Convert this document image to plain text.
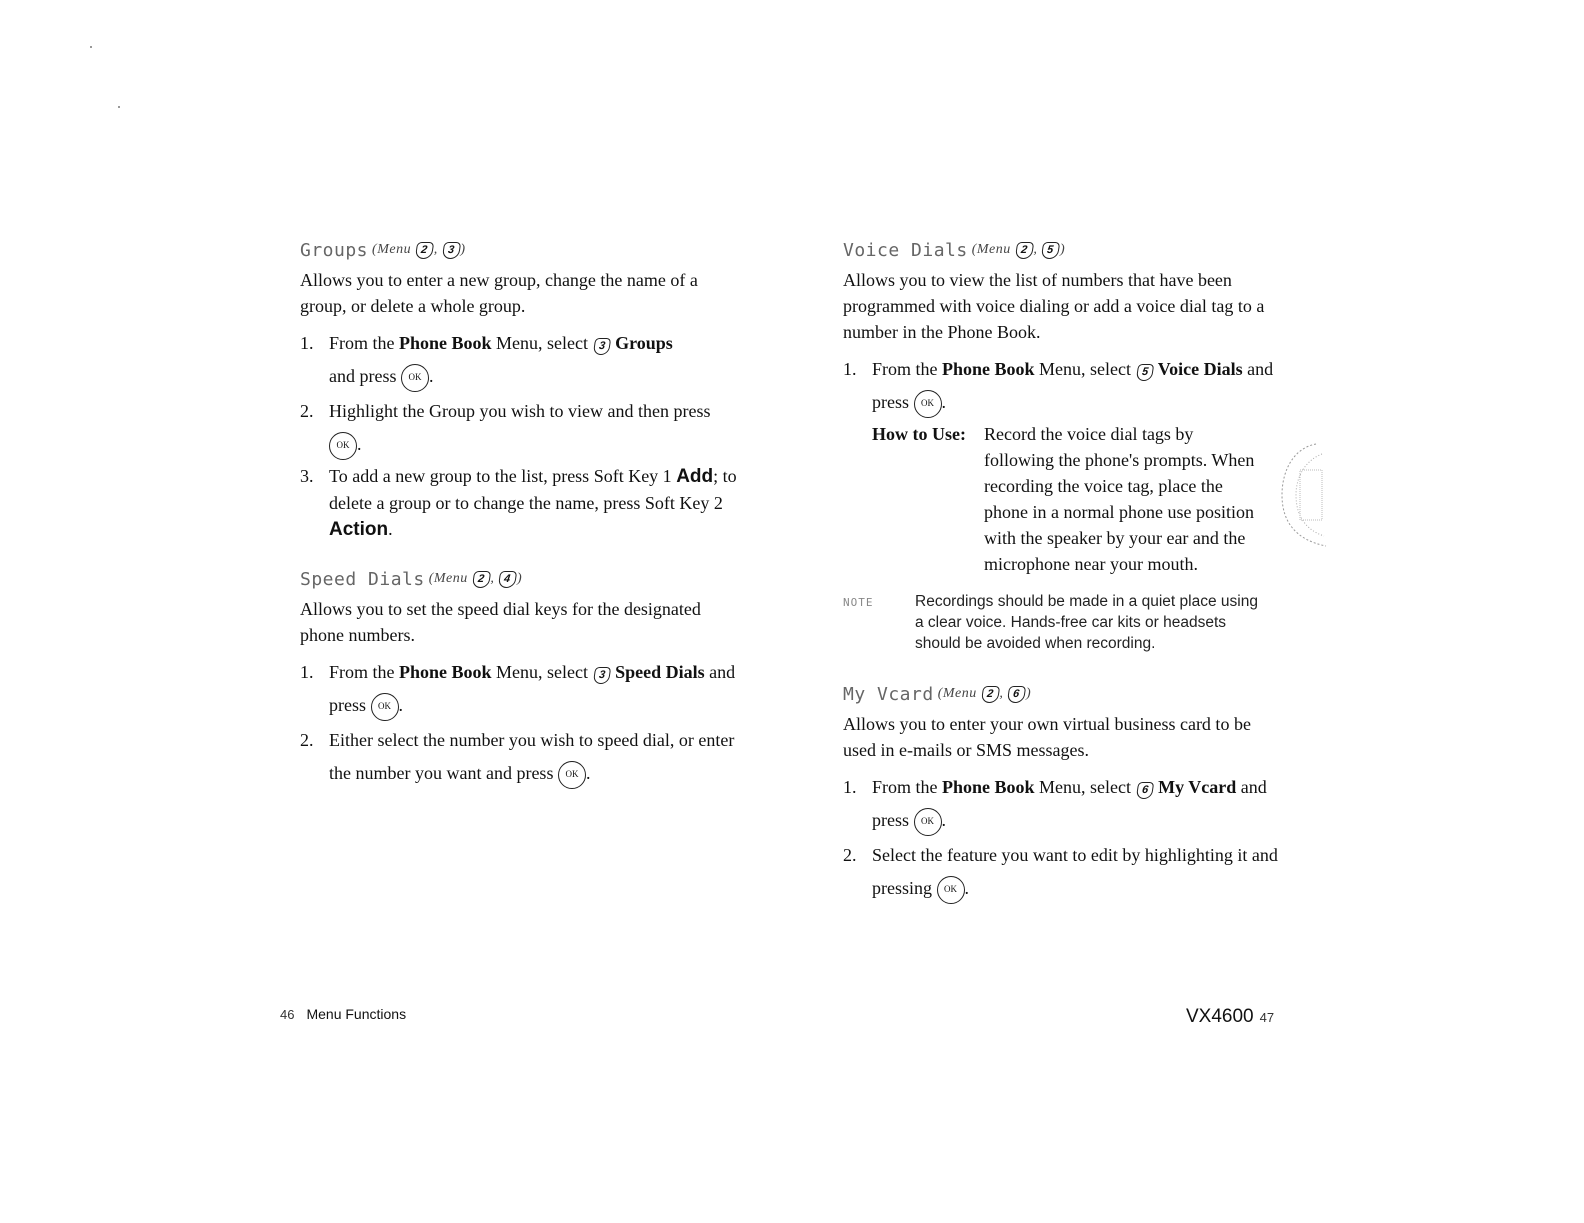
Groups (Menu 2 , 3 )

Allows you to enter a new group, change the name of a group, or delete a whole group.

1. From the Phone Book Menu, select 3 Groups
and press OK .
2. Highlight the Group you wish to view and then press OK .
3. To add a new group to the list, press Soft Key 1 Add; to delete a group or to change the name, press Soft Key 2 Action.
Speed Dials (Menu 2 , 4 )

Allows you to set the speed dial keys for the designated phone numbers.

1. From the Phone Book Menu, select 3 Speed Dials and press OK .
2. Either select the number you wish to speed dial, or enter the number you want and press OK .
Voice Dials (Menu 2 , 5 )

Allows you to view the list of numbers that have been programmed with voice dialing or add a voice dial tag to a number in the Phone Book.

1. From the Phone Book Menu, select 5 Voice Dials and press OK .
How to Use:	Record the voice dial tags by following the phone's prompts. When recording the voice tag, place the phone in a normal phone use position with the speaker by your ear and the microphone near your mouth.
NOTE	Recordings should be made in a quiet place using a clear voice. Hands-free car kits or headsets should be avoided when recording.
My Vcard (Menu 2 , 6 )

Allows you to enter your own virtual business card to be used in e-mails or SMS messages.

1. From the Phone Book Menu, select 6 My Vcard and press OK .
2. Select the feature you want to edit by highlighting it and pressing OK .
46 Menu Functions	VX4600 47
